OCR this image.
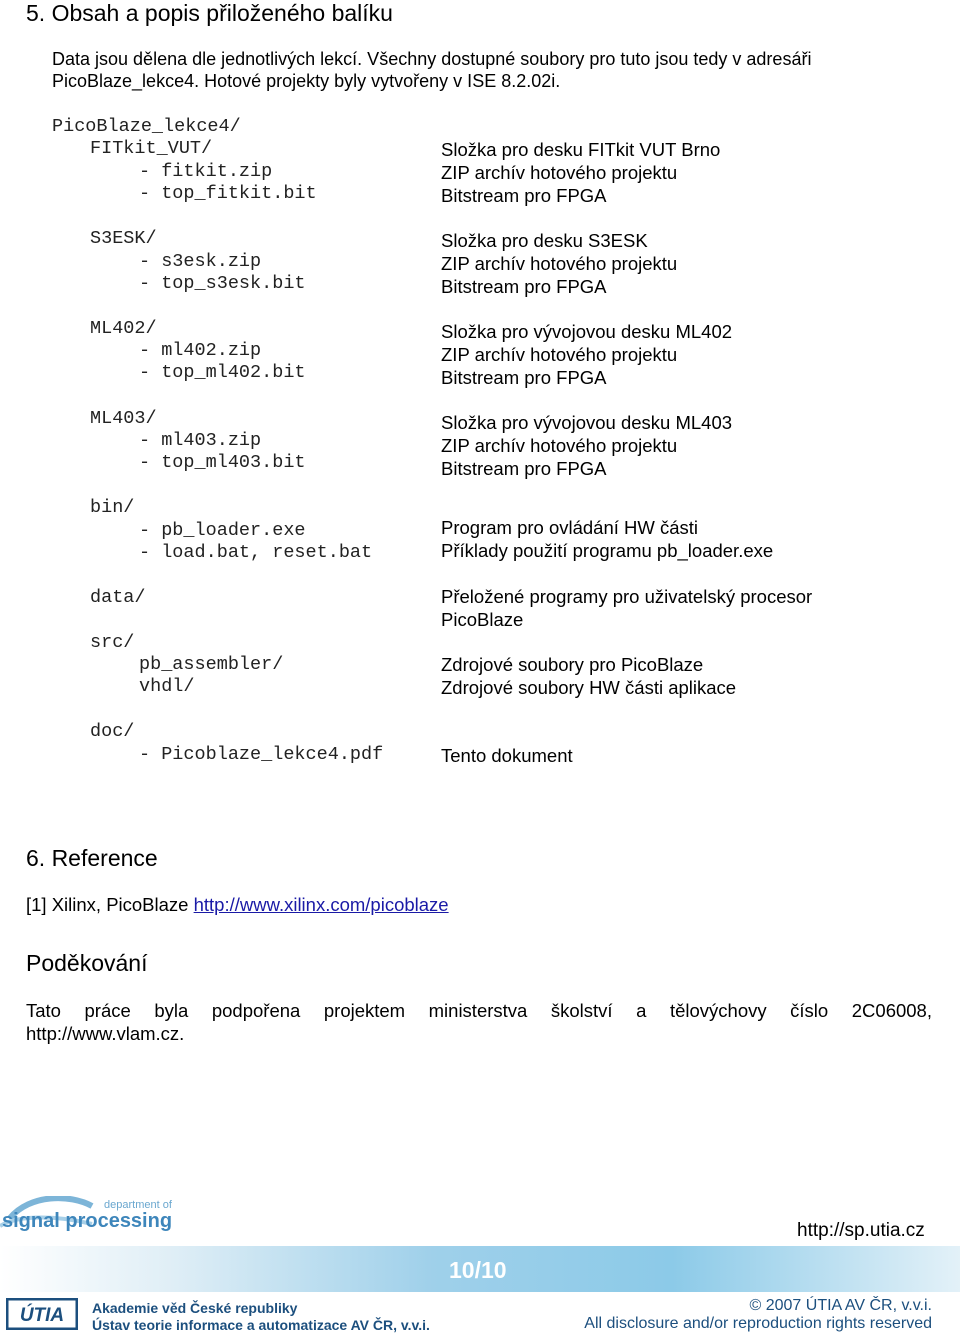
5. Obsah a popis přiloženého balíku
Data jsou dělena dle jednotlivých lekcí. Všechny dostupné soubory pro tuto jsou tedy v adresáři
PicoBlaze_lekce4. Hotové projekty byly vytvořeny v ISE 8.2.02i.
PicoBlaze_lekce4/
FITkit_VUT/
- fitkit.zip
- top_fitkit.bit
S3ESK/
- s3esk.zip
- top_s3esk.bit
ML402/
- ml402.zip
- top_ml402.bit
ML403/
- ml403.zip
- top_ml403.bit
bin/
- pb_loader.exe
- load.bat, reset.bat
data/
src/
pb_assembler/
vhdl/
doc/
- Picoblaze_lekce4.pdf
Složka pro desku FITkit VUT Brno
ZIP archív hotového projektu
Bitstream pro FPGA
Složka pro desku S3ESK
ZIP archív hotového projektu
Bitstream pro FPGA
Složka pro vývojovou desku ML402
ZIP archív hotového projektu
Bitstream pro FPGA
Složka pro vývojovou desku ML403
ZIP archív hotového projektu
Bitstream pro FPGA
Program pro ovládání HW části
Příklady použití programu pb_loader.exe
Přeložené programy pro uživatelský procesor
PicoBlaze
Zdrojové soubory pro PicoBlaze
Zdrojové soubory HW části aplikace
Tento dokument
6. Reference
[1] Xilinx, PicoBlaze http://www.xilinx.com/picoblaze
Poděkování
Tato práce byla podpořena projektem ministerstva školství a tělovýchovy číslo 2C06008,
http://www.vlam.cz.
department of
signal processing	http://sp.utia.cz
10/10
ÚTIA Akademie věd České republiky
Ústav teorie informace a automatizace AV ČR, v.v.i.
© 2007 ÚTIA AV ČR, v.v.i.
All disclosure and/or reproduction rights reserved
